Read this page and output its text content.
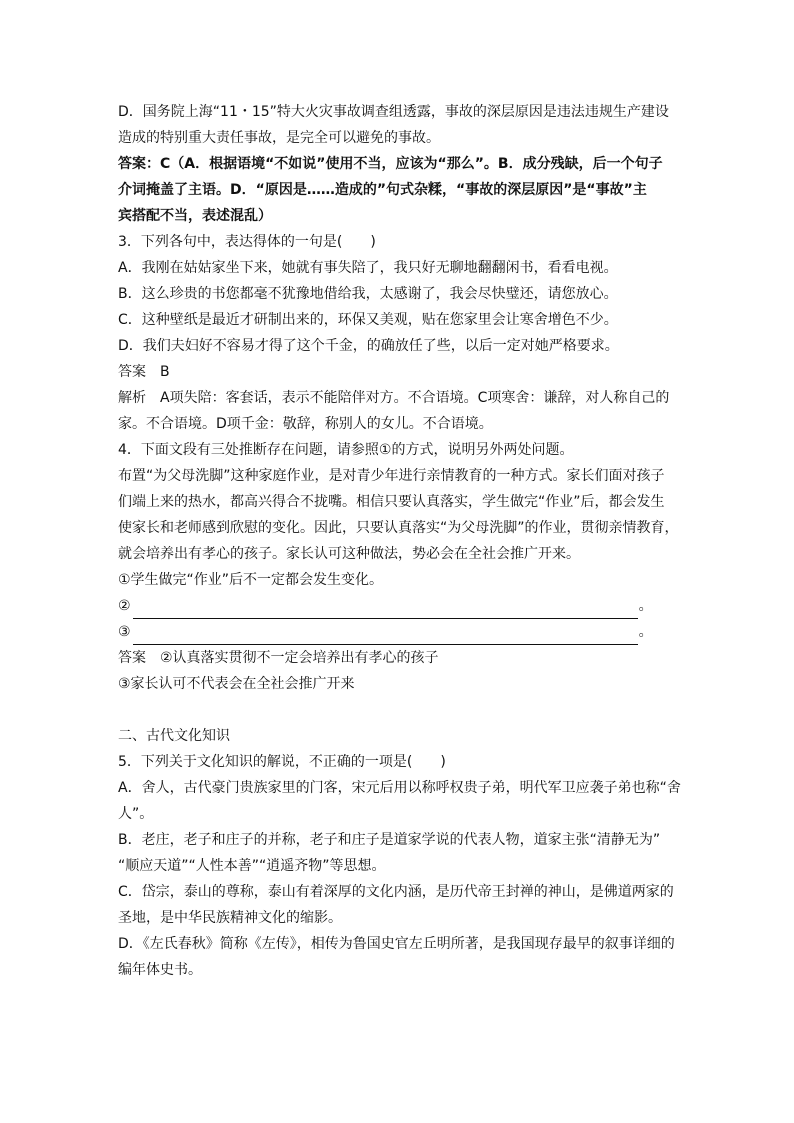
D．国务院上海“11・15”特大火灾事故调查组透露，事故的深层原因是违法违规生产建设
造成的特别重大责任事故，是完全可以避免的事故。
答案：C（A．根据语境“不如说”使用不当，应该为“那么”。B．成分残缺，后一个句子
介词掩盖了主语。D．“原因是……造成的”句式杂糅，“事故的深层原因”是“事故”主
宾搭配不当，表述混乱）
3．下列各句中，表达得体的一句是(　　)
A．我刚在姑姑家坐下来，她就有事失陪了，我只好无聊地翻翻闲书，看看电视。
B．这么珍贵的书您都毫不犹豫地借给我，太感谢了，我会尽快璧还，请您放心。
C．这种壁纸是最近才研制出来的，环保又美观，贴在您家里会让寒舍增色不少。
D．我们夫妇好不容易才得了这个千金，的确放任了些，以后一定对她严格要求。
答案　B
解析　A项失陪：客套话，表示不能陪伴对方。不合语境。C项寒舍：谦辞，对人称自己的
家。不合语境。D项千金：敬辞，称别人的女儿。不合语境。
4．下面文段有三处推断存在问题，请参照①的方式，说明另外两处问题。
布置“为父母洗脚”这种家庭作业，是对青少年进行亲情教育的一种方式。家长们面对孩子
们端上来的热水，都高兴得合不拢嘴。相信只要认真落实，学生做完“作业”后，都会发生
使家长和老师感到欣慰的变化。因此，只要认真落实“为父母洗脚”的作业，贯彻亲情教育，
就会培养出有孝心的孩子。家长认可这种做法，势必会在全社会推广开来。
①学生做完“作业”后不一定都会发生变化。
②	。
③	。
答案　②认真落实贯彻不一定会培养出有孝心的孩子
③家长认可不代表会在全社会推广开来
二、古代文化知识
5．下列关于文化知识的解说，不正确的一项是(　　)
A．舍人，古代豪门贵族家里的门客，宋元后用以称呼权贵子弟，明代军卫应袭子弟也称“舍
人”。
B．老庄，老子和庄子的并称，老子和庄子是道家学说的代表人物，道家主张“清静无为”
“顺应天道”“人性本善”“逍遥齐物”等思想。
C．岱宗，泰山的尊称，泰山有着深厚的文化内涵，是历代帝王封禅的神山，是佛道两家的
圣地，是中华民族精神文化的缩影。
D．《左氏春秋》简称《左传》，相传为鲁国史官左丘明所著，是我国现存最早的叙事详细的
编年体史书。
